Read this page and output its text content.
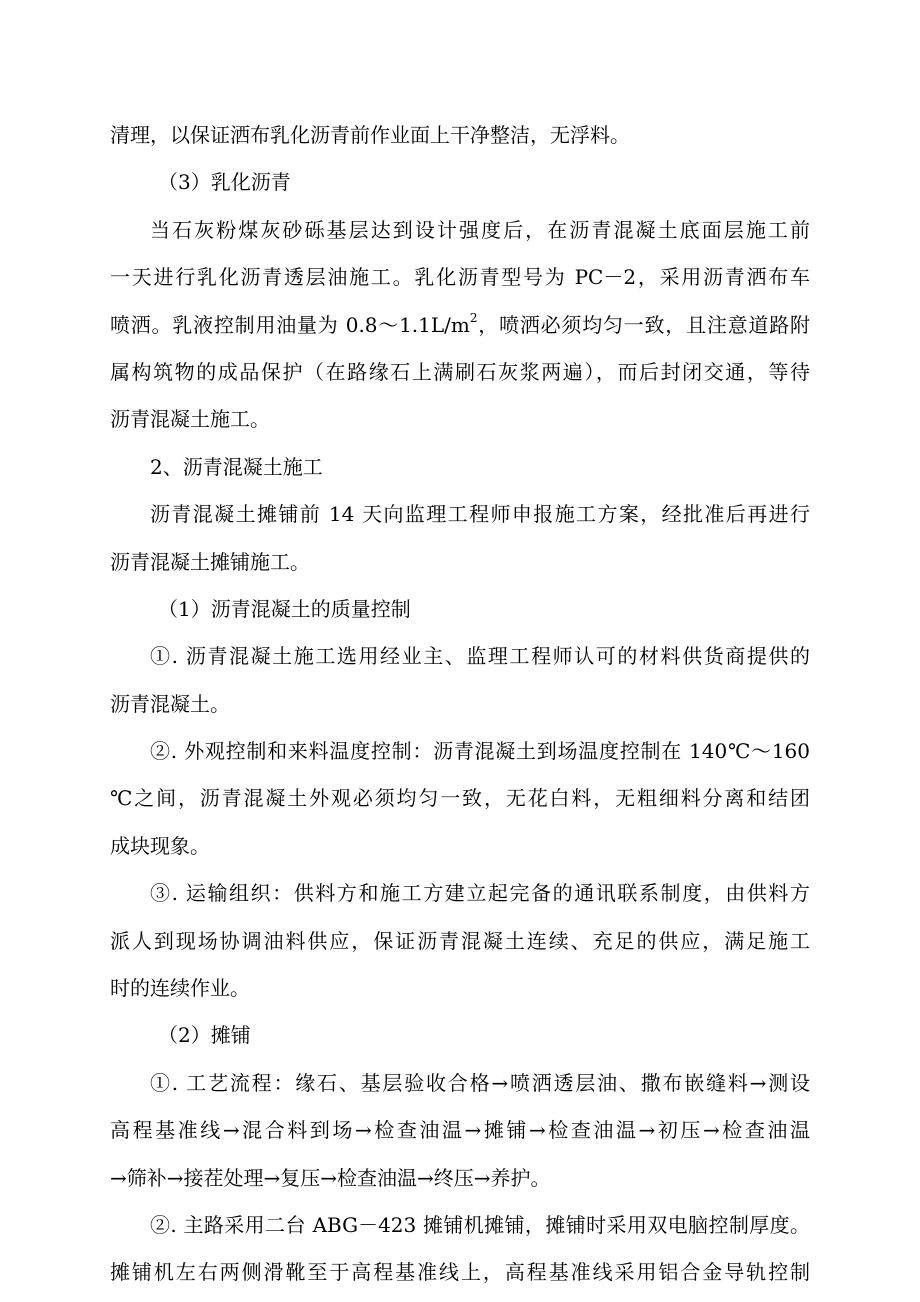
清理，以保证洒布乳化沥青前作业面上干净整洁，无浮料。
（3）乳化沥青
当石灰粉煤灰砂砾基层达到设计强度后，在沥青混凝土底面层施工前
一天进行乳化沥青透层油施工。乳化沥青型号为 PC－2，采用沥青洒布车
喷洒。乳液控制用油量为 $0.8\sim 1.1L/m^2$，喷洒必须均匀一致，且注意道路附
属构筑物的成品保护（在路缘石上满刷石灰浆两遍），而后封闭交通，等待
沥青混凝土施工。
2、沥青混凝土施工
沥青混凝土摊铺前 14 天向监理工程师申报施工方案，经批准后再进行
沥青混凝土摊铺施工。
（1）沥青混凝土的质量控制
①. 沥青混凝土施工选用经业主、监理工程师认可的材料供货商提供的
沥青混凝土。
②. 外观控制和来料温度控制：沥青混凝土到场温度控制在 140℃～160
℃之间，沥青混凝土外观必须均匀一致，无花白料，无粗细料分离和结团
成块现象。
③. 运输组织：供料方和施工方建立起完备的通讯联系制度，由供料方
派人到现场协调油料供应，保证沥青混凝土连续、充足的供应，满足施工
时的连续作业。
（2）摊铺
①. 工艺流程：缘石、基层验收合格→喷洒透层油、撒布嵌缝料→测设
高程基准线→混合料到场→检查油温→摊铺→检查油温→初压→检查油温
→筛补→接茬处理→复压→检查油温→终压→养护。
②. 主路采用二台 ABG－423 摊铺机摊铺，摊铺时采用双电脑控制厚度。
摊铺机左右两侧滑靴至于高程基准线上，高程基准线采用铝合金导轨控制
